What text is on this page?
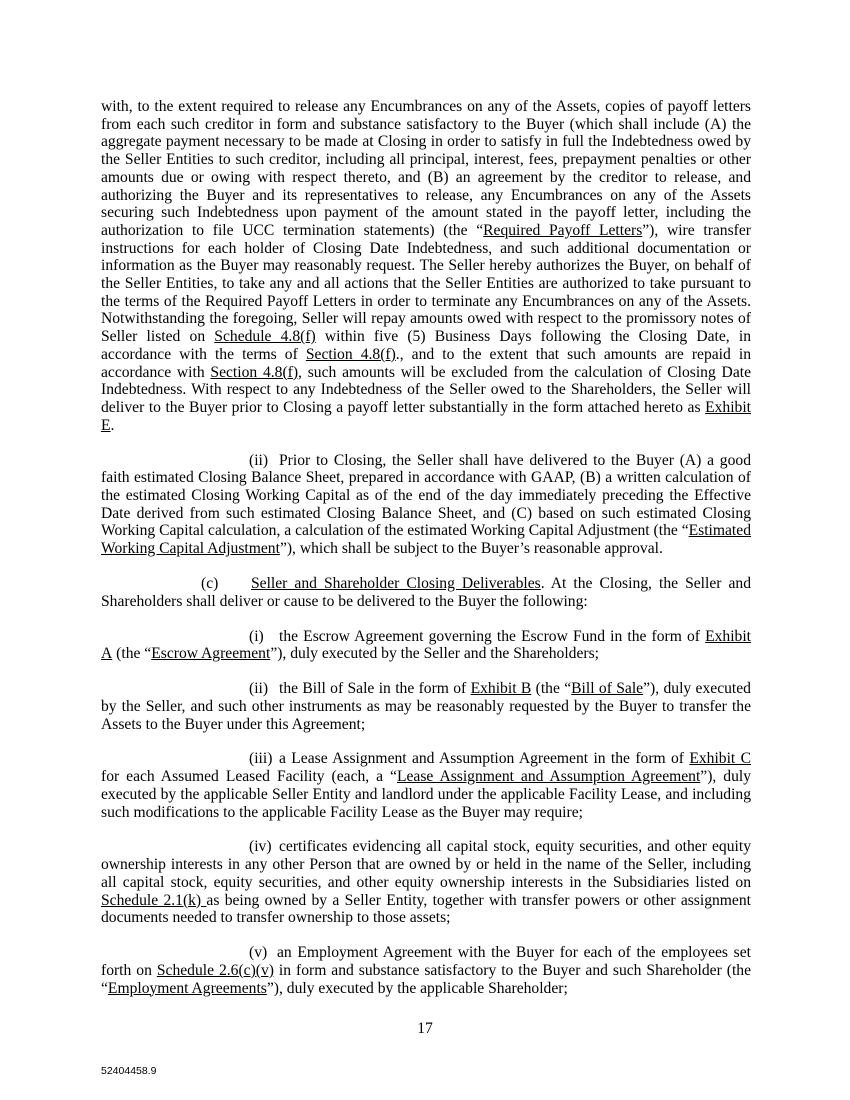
with, to the extent required to release any Encumbrances on any of the Assets, copies of payoff letters from each such creditor in form and substance satisfactory to the Buyer (which shall include (A) the aggregate payment necessary to be made at Closing in order to satisfy in full the Indebtedness owed by the Seller Entities to such creditor, including all principal, interest, fees, prepayment penalties or other amounts due or owing with respect thereto, and (B) an agreement by the creditor to release, and authorizing the Buyer and its representatives to release, any Encumbrances on any of the Assets securing such Indebtedness upon payment of the amount stated in the payoff letter, including the authorization to file UCC termination statements) (the “Required Payoff Letters”), wire transfer instructions for each holder of Closing Date Indebtedness, and such additional documentation or information as the Buyer may reasonably request. The Seller hereby authorizes the Buyer, on behalf of the Seller Entities, to take any and all actions that the Seller Entities are authorized to take pursuant to the terms of the Required Payoff Letters in order to terminate any Encumbrances on any of the Assets. Notwithstanding the foregoing, Seller will repay amounts owed with respect to the promissory notes of Seller listed on Schedule 4.8(f) within five (5) Business Days following the Closing Date, in accordance with the terms of Section 4.8(f)., and to the extent that such amounts are repaid in accordance with Section 4.8(f), such amounts will be excluded from the calculation of Closing Date Indebtedness. With respect to any Indebtedness of the Seller owed to the Shareholders, the Seller will deliver to the Buyer prior to Closing a payoff letter substantially in the form attached hereto as Exhibit E.

(ii) Prior to Closing, the Seller shall have delivered to the Buyer (A) a good faith estimated Closing Balance Sheet, prepared in accordance with GAAP, (B) a written calculation of the estimated Closing Working Capital as of the end of the day immediately preceding the Effective Date derived from such estimated Closing Balance Sheet, and (C) based on such estimated Closing Working Capital calculation, a calculation of the estimated Working Capital Adjustment (the “Estimated Working Capital Adjustment”), which shall be subject to the Buyer’s reasonable approval.

(c) Seller and Shareholder Closing Deliverables. At the Closing, the Seller and Shareholders shall deliver or cause to be delivered to the Buyer the following:

(i) the Escrow Agreement governing the Escrow Fund in the form of Exhibit A (the “Escrow Agreement”), duly executed by the Seller and the Shareholders;

(ii) the Bill of Sale in the form of Exhibit B (the “Bill of Sale”), duly executed by the Seller, and such other instruments as may be reasonably requested by the Buyer to transfer the Assets to the Buyer under this Agreement;

(iii) a Lease Assignment and Assumption Agreement in the form of Exhibit C for each Assumed Leased Facility (each, a “Lease Assignment and Assumption Agreement”), duly executed by the applicable Seller Entity and landlord under the applicable Facility Lease, and including such modifications to the applicable Facility Lease as the Buyer may require;

(iv) certificates evidencing all capital stock, equity securities, and other equity ownership interests in any other Person that are owned by or held in the name of the Seller, including all capital stock, equity securities, and other equity ownership interests in the Subsidiaries listed on Schedule 2.1(k) as being owned by a Seller Entity, together with transfer powers or other assignment documents needed to transfer ownership to those assets;

(v) an Employment Agreement with the Buyer for each of the employees set forth on Schedule 2.6(c)(v) in form and substance satisfactory to the Buyer and such Shareholder (the “Employment Agreements”), duly executed by the applicable Shareholder;

17
52404458.9
